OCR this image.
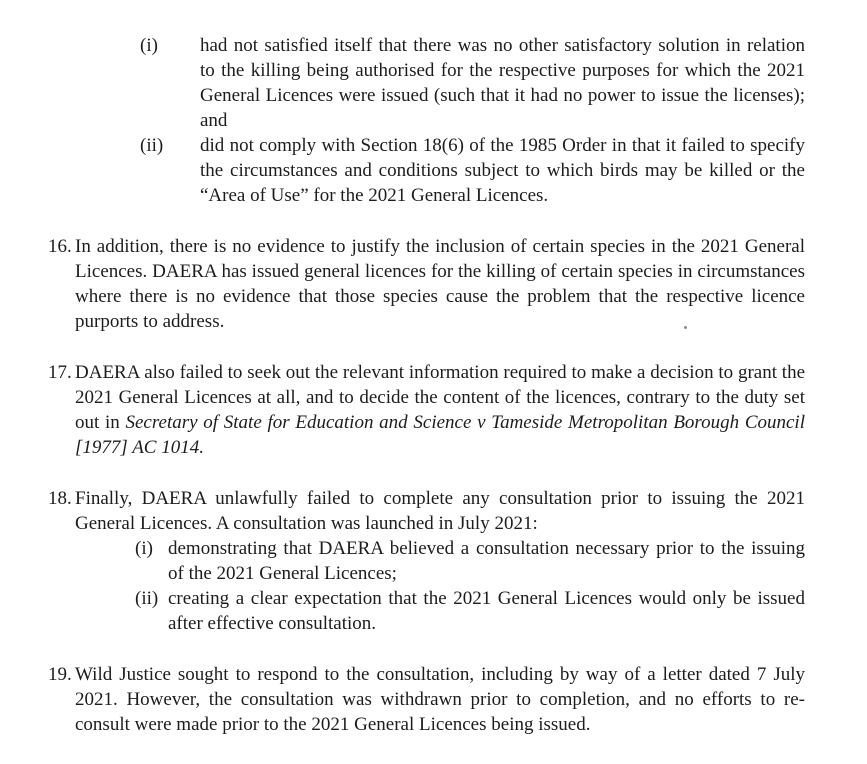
(i)	had not satisfied itself that there was no other satisfactory solution in relation to the killing being authorised for the respective purposes for which the 2021 General Licences were issued (such that it had no power to issue the licenses); and
(ii)	did not comply with Section 18(6) of the 1985 Order in that it failed to specify the circumstances and conditions subject to which birds may be killed or the “Area of Use” for the 2021 General Licences.
16. In addition, there is no evidence to justify the inclusion of certain species in the 2021 General Licences. DAERA has issued general licences for the killing of certain species in circumstances where there is no evidence that those species cause the problem that the respective licence purports to address.
17. DAERA also failed to seek out the relevant information required to make a decision to grant the 2021 General Licences at all, and to decide the content of the licences, contrary to the duty set out in Secretary of State for Education and Science v Tameside Metropolitan Borough Council [1977] AC 1014.
18. Finally, DAERA unlawfully failed to complete any consultation prior to issuing the 2021 General Licences. A consultation was launched in July 2021:
(i) demonstrating that DAERA believed a consultation necessary prior to the issuing of the 2021 General Licences;
(ii) creating a clear expectation that the 2021 General Licences would only be issued after effective consultation.
19. Wild Justice sought to respond to the consultation, including by way of a letter dated 7 July 2021. However, the consultation was withdrawn prior to completion, and no efforts to re-consult were made prior to the 2021 General Licences being issued.
